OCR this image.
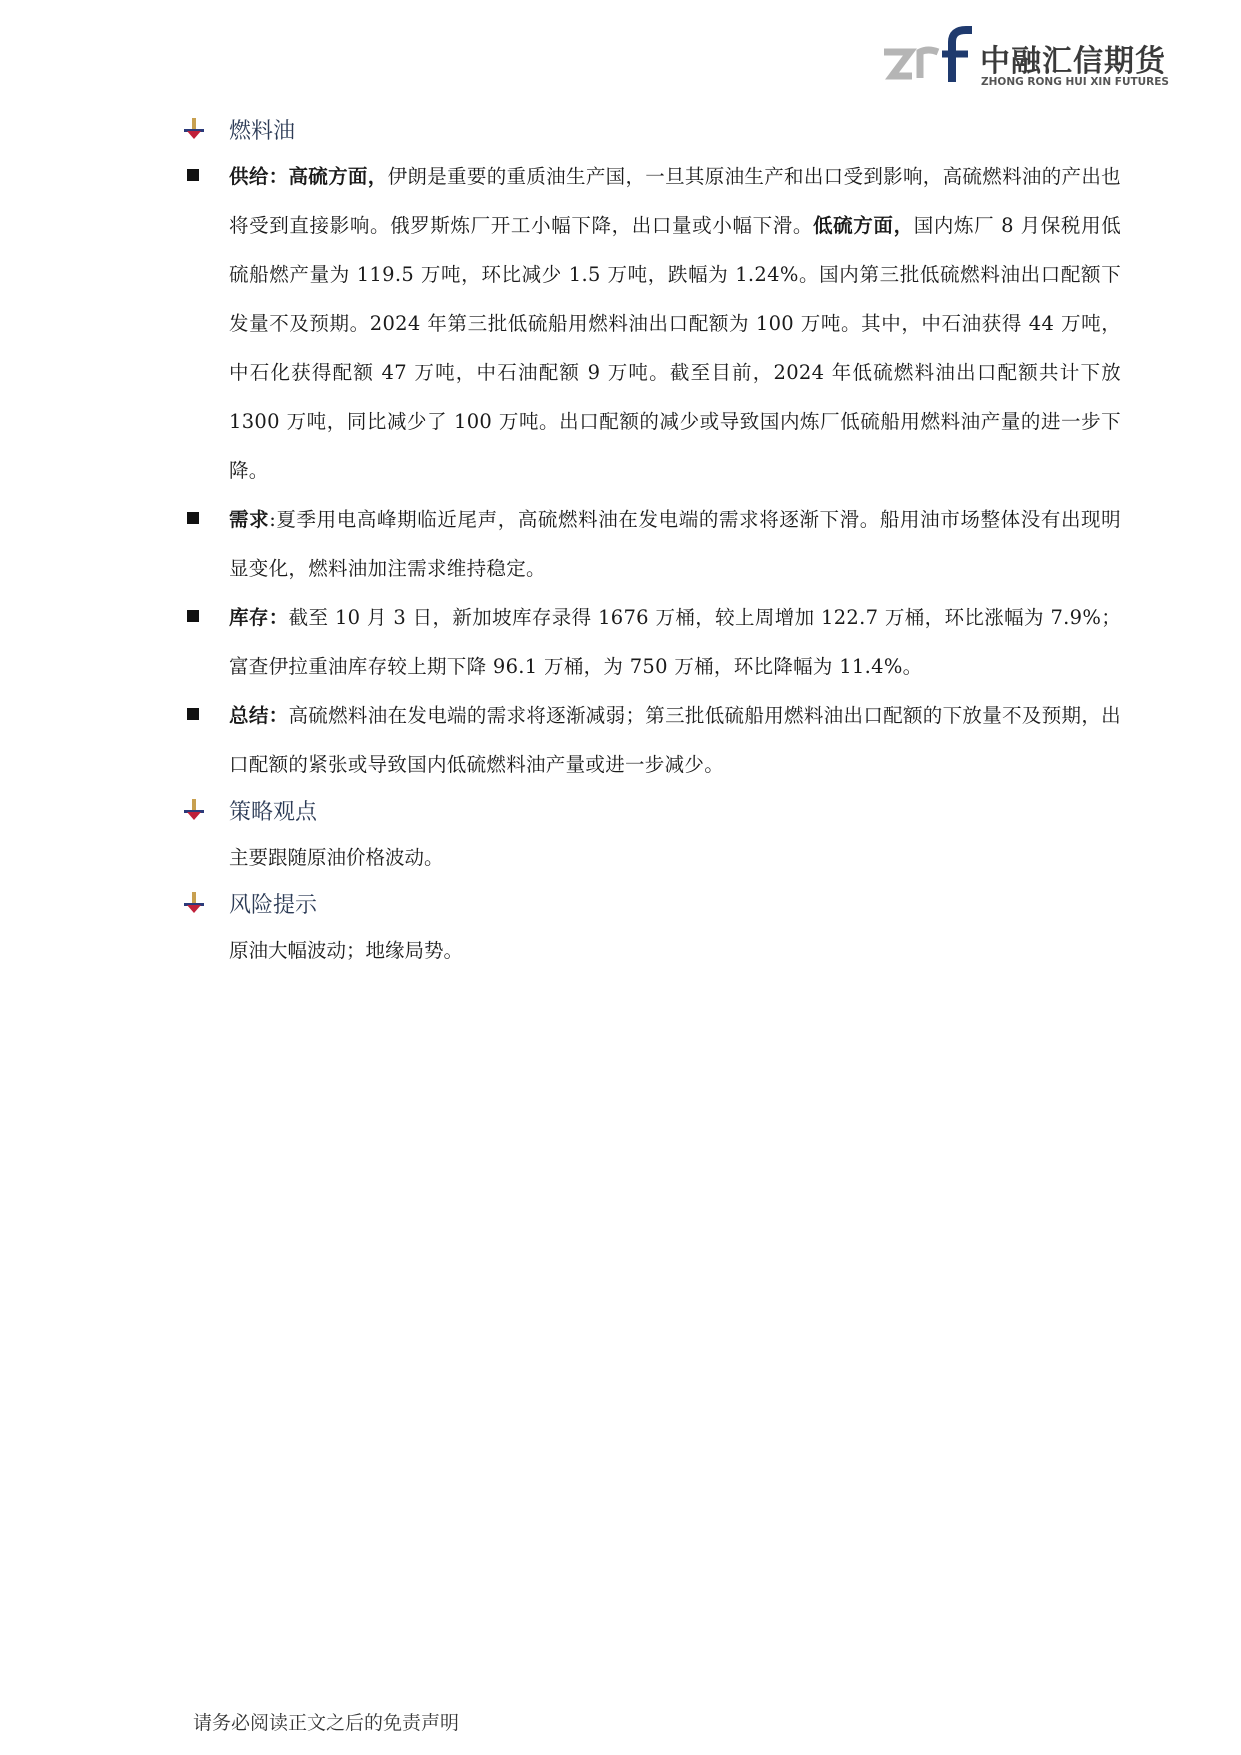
中融汇信期货
ZHONG RONG HUI XIN FUTURES
燃料油
供给：高硫方面，伊朗是重要的重质油生产国，一旦其原油生产和出口受到影响，高硫燃料油的产出也将受到直接影响。俄罗斯炼厂开工小幅下降，出口量或小幅下滑。低硫方面，国内炼厂 8 月保税用低硫船燃产量为 119.5 万吨，环比减少 1.5 万吨，跌幅为 1.24%。国内第三批低硫燃料油出口配额下发量不及预期。2024 年第三批低硫船用燃料油出口配额为 100 万吨。其中，中石油获得 44 万吨，中石化获得配额 47 万吨，中石油配额 9 万吨。截至目前，2024 年低硫燃料油出口配额共计下放 1300 万吨，同比减少了 100 万吨。出口配额的减少或导致国内炼厂低硫船用燃料油产量的进一步下降。
需求:夏季用电高峰期临近尾声，高硫燃料油在发电端的需求将逐渐下滑。船用油市场整体没有出现明显变化，燃料油加注需求维持稳定。
库存：截至 10 月 3 日，新加坡库存录得 1676 万桶，较上周增加 122.7 万桶，环比涨幅为 7.9%；富查伊拉重油库存较上期下降 96.1 万桶，为 750 万桶，环比降幅为 11.4%。
总结：高硫燃料油在发电端的需求将逐渐减弱；第三批低硫船用燃料油出口配额的下放量不及预期，出口配额的紧张或导致国内低硫燃料油产量或进一步减少。
策略观点
主要跟随原油价格波动。
风险提示
原油大幅波动；地缘局势。
请务必阅读正文之后的免责声明
